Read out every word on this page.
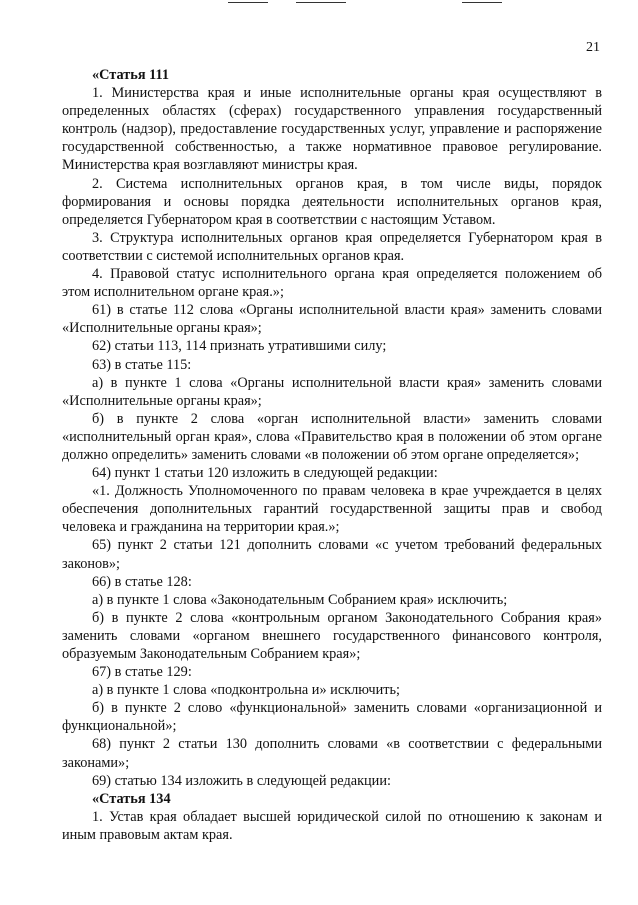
21

«Статья 111

1. Министерства края и иные исполнительные органы края осуществляют в определенных областях (сферах) государственного управления государственный контроль (надзор), предоставление государственных услуг, управление и распоряжение государственной собственностью, а также нормативное правовое регулирование. Министерства края возглавляют министры края.

2. Система исполнительных органов края, в том числе виды, порядок формирования и основы порядка деятельности исполнительных органов края, определяется Губернатором края в соответствии с настоящим Уставом.

3. Структура исполнительных органов края определяется Губернатором края в соответствии с системой исполнительных органов края.

4. Правовой статус исполнительного органа края определяется положением об этом исполнительном органе края.»;

61) в статье 112 слова «Органы исполнительной власти края» заменить словами «Исполнительные органы края»;

62) статьи 113, 114 признать утратившими силу;

63) в статье 115:

а) в пункте 1 слова «Органы исполнительной власти края» заменить словами «Исполнительные органы края»;

б) в пункте 2 слова «орган исполнительной власти» заменить словами «исполнительный орган края», слова «Правительство края в положении об этом органе должно определить» заменить словами «в положении об этом органе определяется»;

64) пункт 1 статьи 120 изложить в следующей редакции:

«1. Должность Уполномоченного по правам человека в крае учреждается в целях обеспечения дополнительных гарантий государственной защиты прав и свобод человека и гражданина на территории края.»;

65) пункт 2 статьи 121 дополнить словами «с учетом требований федеральных законов»;

66) в статье 128:

а) в пункте 1 слова «Законодательным Собранием края» исключить;

б) в пункте 2 слова «контрольным органом Законодательного Собрания края» заменить словами «органом внешнего государственного финансового контроля, образуемым Законодательным Собранием края»;

67) в статье 129:

а) в пункте 1 слова «подконтрольна и» исключить;

б) в пункте 2 слово «функциональной» заменить словами «организационной и функциональной»;

68) пункт 2 статьи 130 дополнить словами «в соответствии с федеральными законами»;

69) статью 134 изложить в следующей редакции:

«Статья 134

1. Устав края обладает высшей юридической силой по отношению к законам и иным правовым актам края.
